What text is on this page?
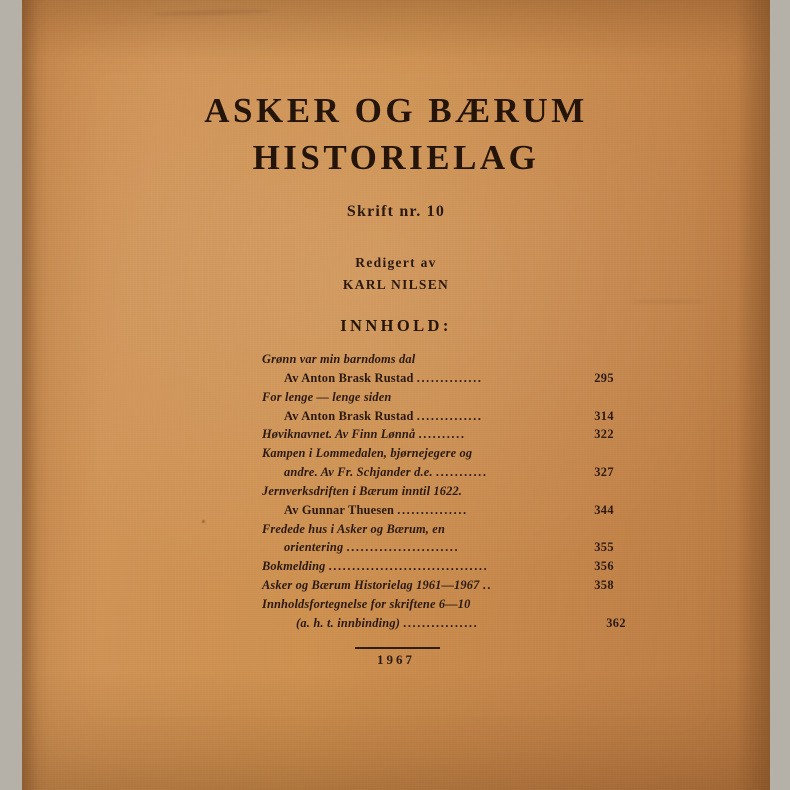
ASKER OG BÆRUM
HISTORIELAG
Skrift nr. 10
Redigert av
KARL NILSEN
INNHOLD:
Grønn var min barndoms dal
Av Anton Brask Rustad ..............	295
For lenge — lenge siden
Av Anton Brask Rustad ..............	314
Høviknavnet. Av Finn Lønnå ..........	322
Kampen i Lommedalen, bjørnejegere og
andre. Av Fr. Schjander d.e. ...........	327
Jernverksdriften i Bærum inntil 1622.
Av Gunnar Thuesen ...............	344
Fredede hus i Asker og Bærum, en
orientering ........................	355
Bokmelding ..................................	356
Asker og Bærum Historielag 1961—1967 ..	358
Innholdsfortegnelse for skriftene 6—10
(a. h. t. innbinding) ................	362
1967
